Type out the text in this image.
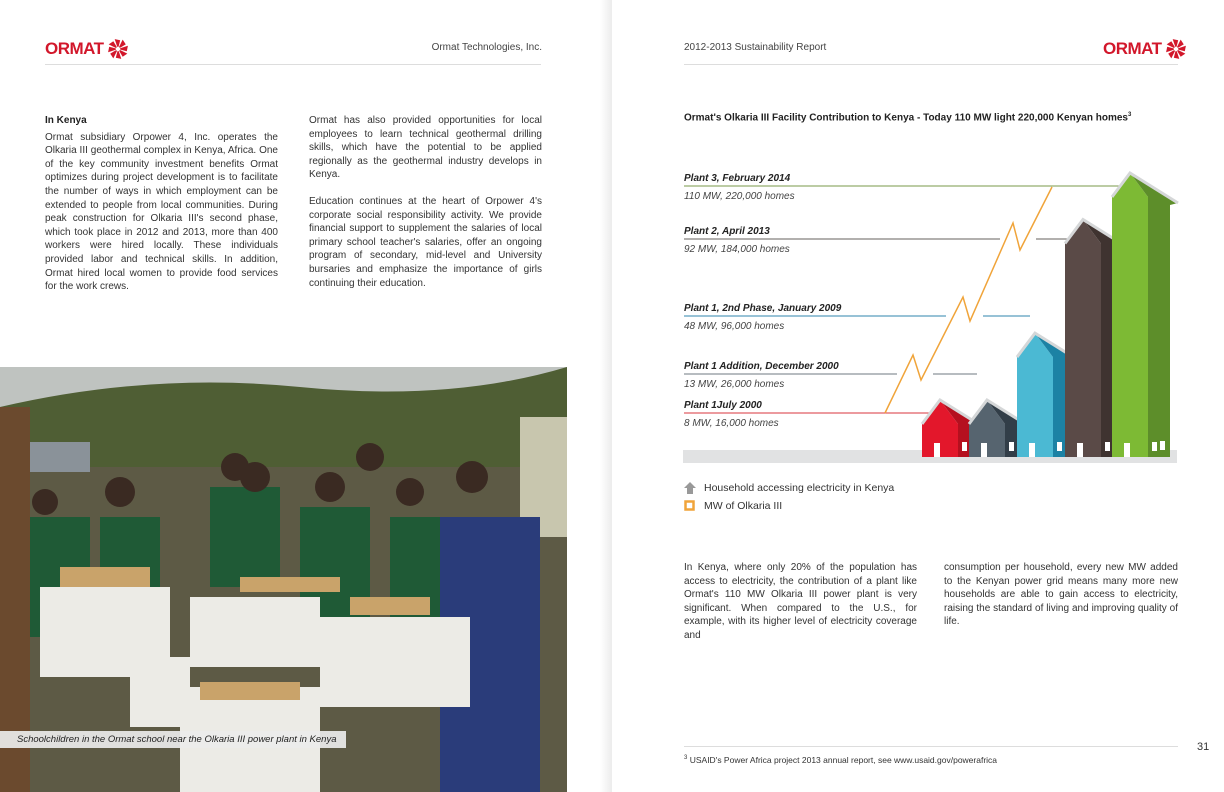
ORMAT	Ormat Technologies, Inc.
In Kenya

Ormat subsidiary Orpower 4, Inc. operates the Olkaria III geothermal complex in Kenya, Africa. One of the key community investment benefits Ormat optimizes during project development is to facilitate the number of ways in which employment can be extended to people from local communities. During peak construction for Olkaria III's second phase, which took place in 2012 and 2013, more than 400 workers were hired locally. These individuals provided labor and technical skills. In addition, Ormat hired local women to provide food services for the work crews.

Ormat has also provided opportunities for local employees to learn technical geothermal drilling skills, which have the potential to be applied regionally as the geothermal industry develops in Kenya.

Education continues at the heart of Orpower 4's corporate social responsibility activity. We provide financial support to supplement the salaries of local primary school teacher's salaries, offer an ongoing program of secondary, mid-level and University bursaries and emphasize the importance of girls continuing their education.

Schoolchildren in the Ormat school near the Olkaria III power plant in Kenya
2012-2013 Sustainability Report	ORMAT
Ormat's Olkaria III Facility Contribution to Kenya - Today 110 MW light 220,000 Kenyan homes$^3$
Plant 1July 2000
8 MW, 16,000 homes
Plant 1 Addition, December 2000
13 MW, 26,000 homes
Plant 1, 2nd Phase, January 2009
48 MW, 96,000 homes
Plant 2, April 2013
92 MW, 184,000 homes
Plant 3, February 2014
110 MW, 220,000 homes
Household accessing electricity in Kenya
MW of Olkaria III
In Kenya, where only 20% of the population has access to electricity, the contribution of a plant like Ormat's 110 MW Olkaria III power plant is very significant. When compared to the U.S., for example, with its higher level of electricity coverage and
consumption per household, every new MW added to the Kenyan power grid means many more new households are able to gain access to electricity, raising the standard of living and improving quality of life.
$^3$ USAID's Power Africa project 2013 annual report, see www.usaid.gov/powerafrica
31
